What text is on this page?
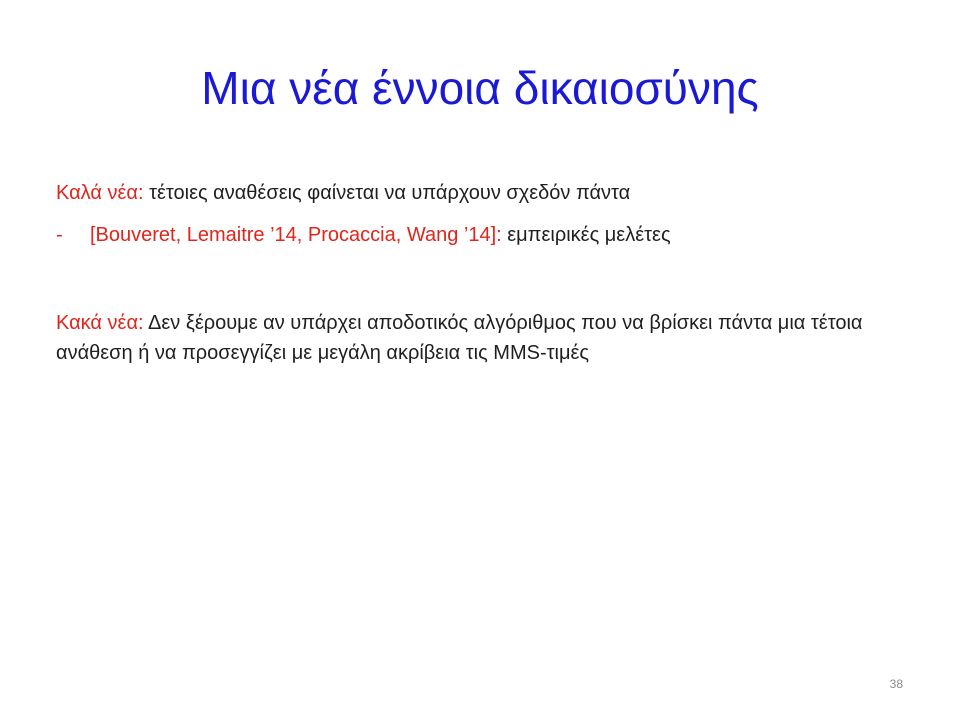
Μια νέα έννοια δικαιοσύνης
Καλά νέα: τέτοιες αναθέσεις φαίνεται να υπάρχουν σχεδόν πάντα
- [Bouveret, Lemaitre ’14, Procaccia, Wang ’14]: εμπειρικές μελέτες
Κακά νέα: Δεν ξέρουμε αν υπάρχει αποδοτικός αλγόριθμος που να βρίσκει πάντα μια τέτοια ανάθεση ή να προσεγγίζει με μεγάλη ακρίβεια τις MMS-τιμές
38
